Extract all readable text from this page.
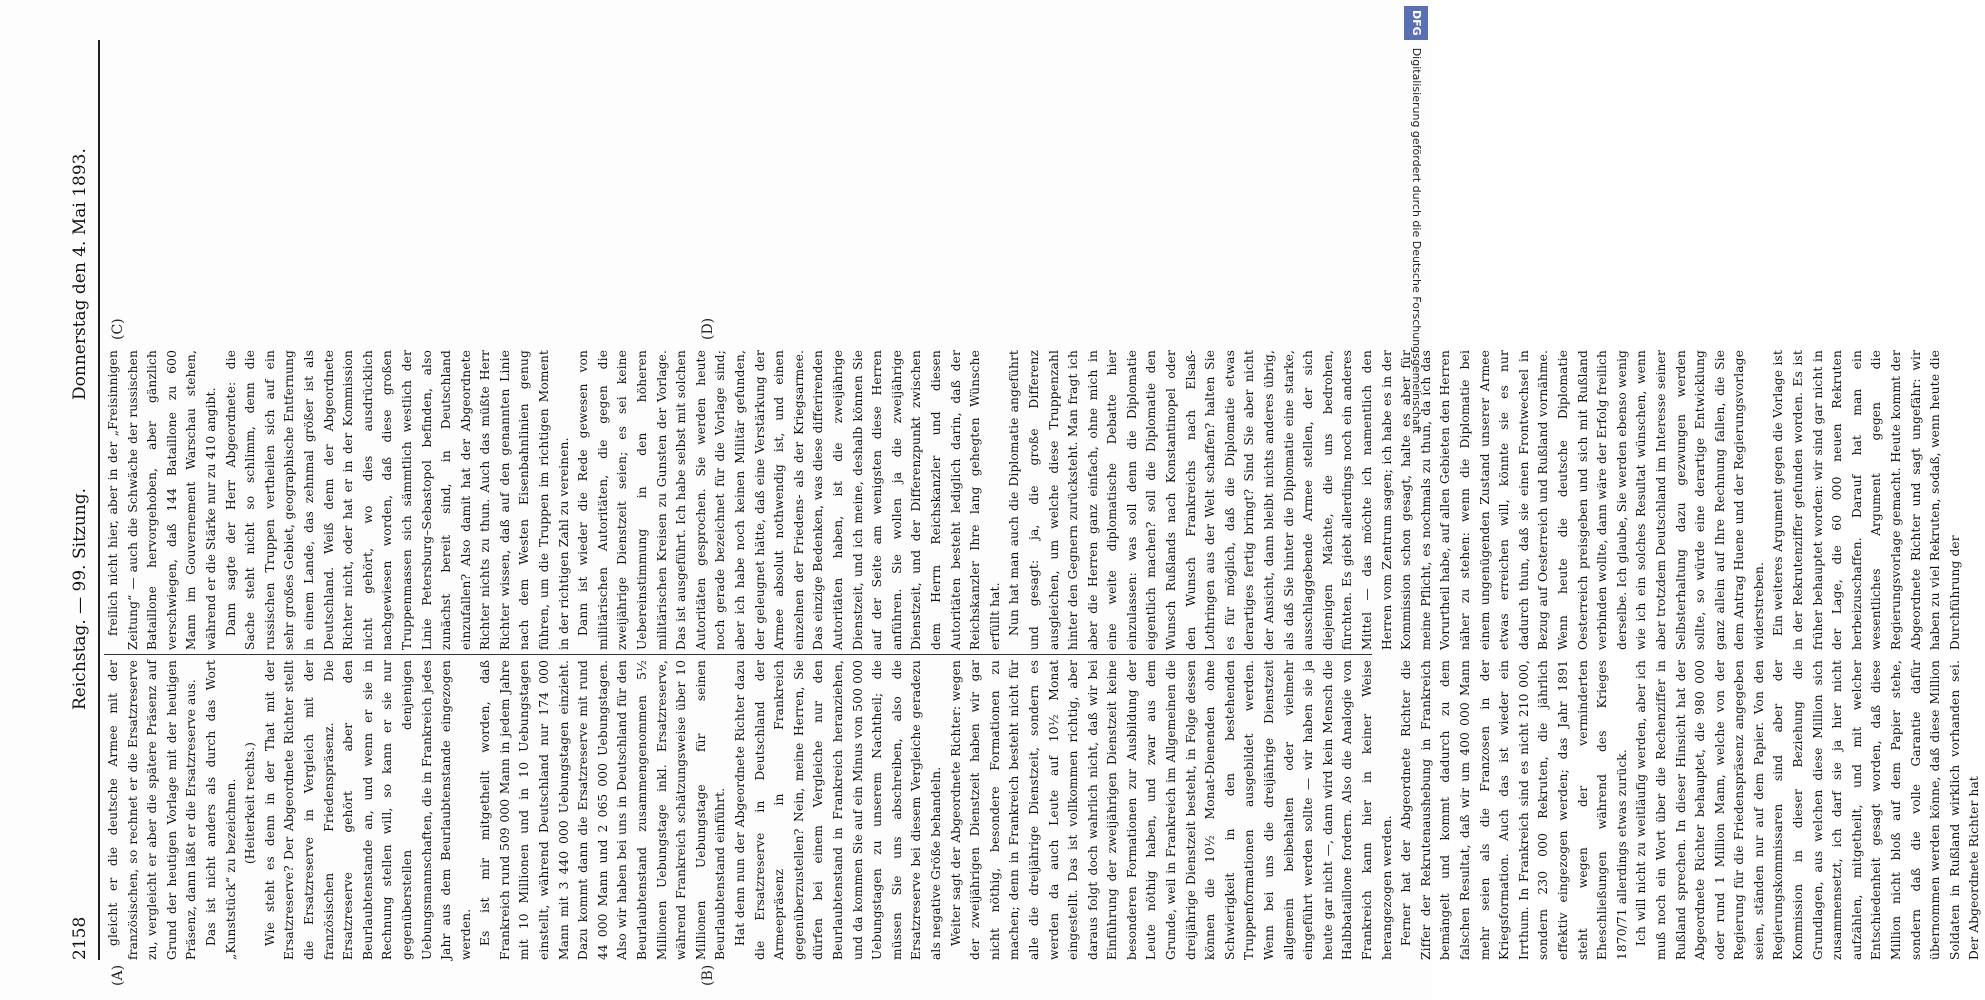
2158
Reichstag. — 99. Sitzung.
Donnerstag den 4. Mai 1893.
(A)	(B)
(C)	(D)

gleicht er die deutsche Armee mit der französischen, so rechnet er die Ersatzreserve zu, vergleicht er aber die spätere Präsenz auf Grund der heutigen Vorlage mit der heutigen Präsenz, dann läßt er die Ersatzreserve aus. Das ist nicht anders als durch das Wort „Kunststück“ zu bezeichnen. (Heiterkeit rechts.) Wie steht es denn in der That mit der Ersatzreserve? Der Abgeordnete Richter stellt die Ersatzreserve in Vergleich mit der französischen Friedenspräsenz. Die Ersatzreserve gehört aber den Beurlaubtenstande an, und wenn er sie in Rechnung stellen will, so kann er sie nur gegenüberstellen denjenigen Uebungsmannschaften, die in Frankreich jedes Jahr aus dem Beurlaubtenstande eingezogen werden. Es ist mir mitgetheilt worden, daß Frankreich rund 509 000 Mann in jedem Jahre mit 10 Millionen und in 10 Uebungstagen einstellt, während Deutschland nur 174 000 Mann mit 3 440 000 Uebungstagen einzieht. Dazu kommt dann die Ersatzreserve mit rund 44 000 Mann und 2 065 000 Uebungstagen. Also wir haben bei uns in Deutschland für den Beurlaubtenstand zusammengenommen 5½ Millionen Uebungstage inkl. Ersatzreserve, während Frankreich schätzungsweise über 10 Millionen Uebungstage für seinen Beurlaubtenstand einführt. Hat denn nun der Abgeordnete Richter dazu die Ersatzreserve in Deutschland der Armeepräsenz in Frankreich gegenüberzustellen? Nein, meine Herren, Sie dürfen bei einem Vergleiche nur den Beurlaubtenstand in Frankreich heranziehen, und da kommen Sie auf ein Minus von 500 000 Uebungstagen zu unserem Nachtheil; die müssen Sie uns abschreiben, also die Ersatzreserve bei diesem Vergleiche geradezu als negative Größe behandeln. Weiter sagt der Abgeordnete Richter: wegen der zweijährigen Dienstzeit haben wir gar nicht nöthig, besondere Formationen zu machen; denn in Frankreich besteht nicht für alle die dreijährige Dienstzeit, sondern es werden da auch Leute auf 10½ Monat eingestellt. Das ist vollkommen richtig, aber daraus folgt doch wahrlich nicht, daß wir bei Einführung der zweijährigen Dienstzeit keine besonderen Formationen zur Ausbildung der Leute nöthig haben, und zwar aus dem Grunde, weil in Frankreich im Allgemeinen die dreijährige Dienstzeit besteht, in Folge dessen können die 10½ Monat-Dienenden ohne Schwierigkeit in den bestehenden Truppenformationen ausgebildet werden. Wenn bei uns die dreijährige Dienstzeit allgemein beibehalten oder vielmehr eingeführt werden sollte — wir haben sie ja heute gar nicht —, dann wird kein Mensch die Halbbataillone fordern. Also die Analogie von Frankreich kann hier in keiner Weise herangezogen werden. Ferner hat der Abgeordnete Richter die Ziffer der Rekrutenaushebung in Frankreich bemängelt und kommt dadurch zu dem falschen Resultat, daß wir um 400 000 Mann mehr seien als die Franzosen in der Kriegsformation. Auch das ist wieder ein Irrthum. In Frankreich sind es nicht 210 000, sondern 230 000 Rekruten, die jährlich effektiv eingezogen werden; das Jahr 1891 steht wegen der verminderten Eheschließungen während des Krieges 1870/71 allerdings etwas zurück. Ich will nicht zu weitläufig werden, aber ich muß noch ein Wort über die Rechenziffer in Rußland sprechen. In dieser Hinsicht hat der Abgeordnete Richter behauptet, die 980 000 oder rund 1 Million Mann, welche von der Regierung für die Friedenspräsenz angegeben seien, ständen nur auf dem Papier. Von den Regierungskommissaren sind aber der Kommission in dieser Beziehung die Grundlagen, aus welchen diese Million sich zusammensetzt, ich darf sie ja hier nicht aufzählen, mitgetheilt, und mit welcher Entschiedenheit gesagt worden, daß diese Million nicht bloß auf dem Papier stehe, sondern daß die volle Garantie dafür übernommen werden könne, daß diese Million Soldaten in Rußland wirklich vorhanden sei. Der Abgeordnete Richter hat

freilich nicht hier, aber in der „Freisinnigen Zeitung“ — auch die Schwäche der russischen Bataillone hervorgehoben, aber gänzlich verschwiegen, daß 144 Bataillone zu 600 Mann im Gouvernement Warschau stehen, während er die Stärke nur zu 410 angibt. Dann sagte der Herr Abgeordnete: die Sache steht nicht so schlimm, denn die russischen Truppen vertheilen sich auf ein sehr großes Gebiet, geographische Entfernung in einem Lande, das zehnmal größer ist als Deutschland. Weiß denn der Abgeordnete Richter nicht, oder hat er in der Kommission nicht gehört, wo dies ausdrücklich nachgewiesen worden, daß diese großen Truppenmassen sich sämmtlich westlich der Linie Petersburg–Sebastopol befinden, also zunächst bereit sind, in Deutschland einzufallen? Also damit hat der Abgeordnete Richter nichts zu thun. Auch das müßte Herr Richter wissen, daß auf den genannten Linie nach dem Westen Eisenbahnlinien genug führen, um die Truppen im richtigen Moment in der richtigen Zahl zu vereinen. Dann ist wieder die Rede gewesen von militärischen Autoritäten, die gegen die zweijährige Dienstzeit seien; es sei keine Uebereinstimmung in den höheren militärischen Kreisen zu Gunsten der Vorlage. Das ist ausgeführt. Ich habe selbst mit solchen Autoritäten gesprochen. Sie werden heute noch gerade bezeichnet für die Vorlage sind; aber ich habe noch keinen Militär gefunden, der geleugnet hätte, daß eine Verstärkung der Armee absolut nothwendig ist, und einen einzelnen der Friedens- als der Kriegsarmee. Das einzige Bedenken, was diese differirenden Autoritäten haben, ist die zweijährige Dienstzeit, und ich meine, deshalb können Sie auf der Seite am wenigsten diese Herren anführen. Sie wollen ja die zweijährige Dienstzeit, und der Differenzpunkt zwischen dem Herrn Reichskanzler und diesen Autoritäten besteht lediglich darin, daß der Reichskanzler Ihre lang gehegten Wünsche erfüllt hat. Nun hat man auch die Diplomatie angeführt und gesagt: ja, die große Differenz ausgleichen, um welche diese Truppenzahl hinter den Gegnern zurücksteht. Man fragt ich aber die Herren ganz einfach, ohne mich in eine weite diplomatische Debatte hier einzulassen: was soll denn die Diplomatie eigentlich machen? soll die Diplomatie den Wunsch Rußlands nach Konstantinopel oder den Wunsch Frankreichs nach Elsaß-Lothringen aus der Welt schaffen? halten Sie es für möglich, daß die Diplomatie etwas derartiges fertig bringt? Sind Sie aber nicht der Ansicht, dann bleibt nichts anderes übrig, als daß Sie hinter die Diplomatie eine starke, ausschlaggebende Armee stellen, der sich diejenigen Mächte, die uns bedrohen, fürchten. Es giebt allerdings noch ein anderes Mittel — das möchte ich namentlich den Herren vom Zentrum sagen; ich habe es in der Kommission schon gesagt, halte es aber für meine Pflicht, es nochmals zu thun, da ich das Vorurtheil habe, auf allen Gebieten den Herren näher zu stehen: wenn die Diplomatie bei einem ungenügenden Zustand unserer Armee etwas erreichen will, könnte sie es nur dadurch thun, daß sie einen Frontwechsel in Bezug auf Oesterreich und Rußland vornähme. Wenn heute die deutsche Diplomatie Oesterreich preisgeben und sich mit Rußland verbinden wollte, dann wäre der Erfolg freilich derselbe. Ich glaube, Sie werden ebenso wenig wie ich ein solches Resultat wünschen, wenn aber trotzdem Deutschland im Interesse seiner Selbsterhaltung dazu gezwungen werden sollte, so würde eine derartige Entwicklung ganz allein auf Ihre Rechnung fallen, die Sie dem Antrag Huene und der Regierungsvorlage widerstreben. Ein weiteres Argument gegen die Vorlage ist in der Rekrutenziffer gefunden worden. Es ist früher behauptet worden: wir sind gar nicht in der Lage, die 60 000 neuen Rekruten herbeizuschaffen. Darauf hat man ein wesentliches Argument gegen die Regierungsvorlage gemacht. Heute kommt der Abgeordnete Richter und sagt ungefähr: wir haben zu viel Rekruten, sodaß, wenn heute die Durchführung der

DFGDigitalisierung gefördert durch die Deutsche Forschungsgemeinschaft
